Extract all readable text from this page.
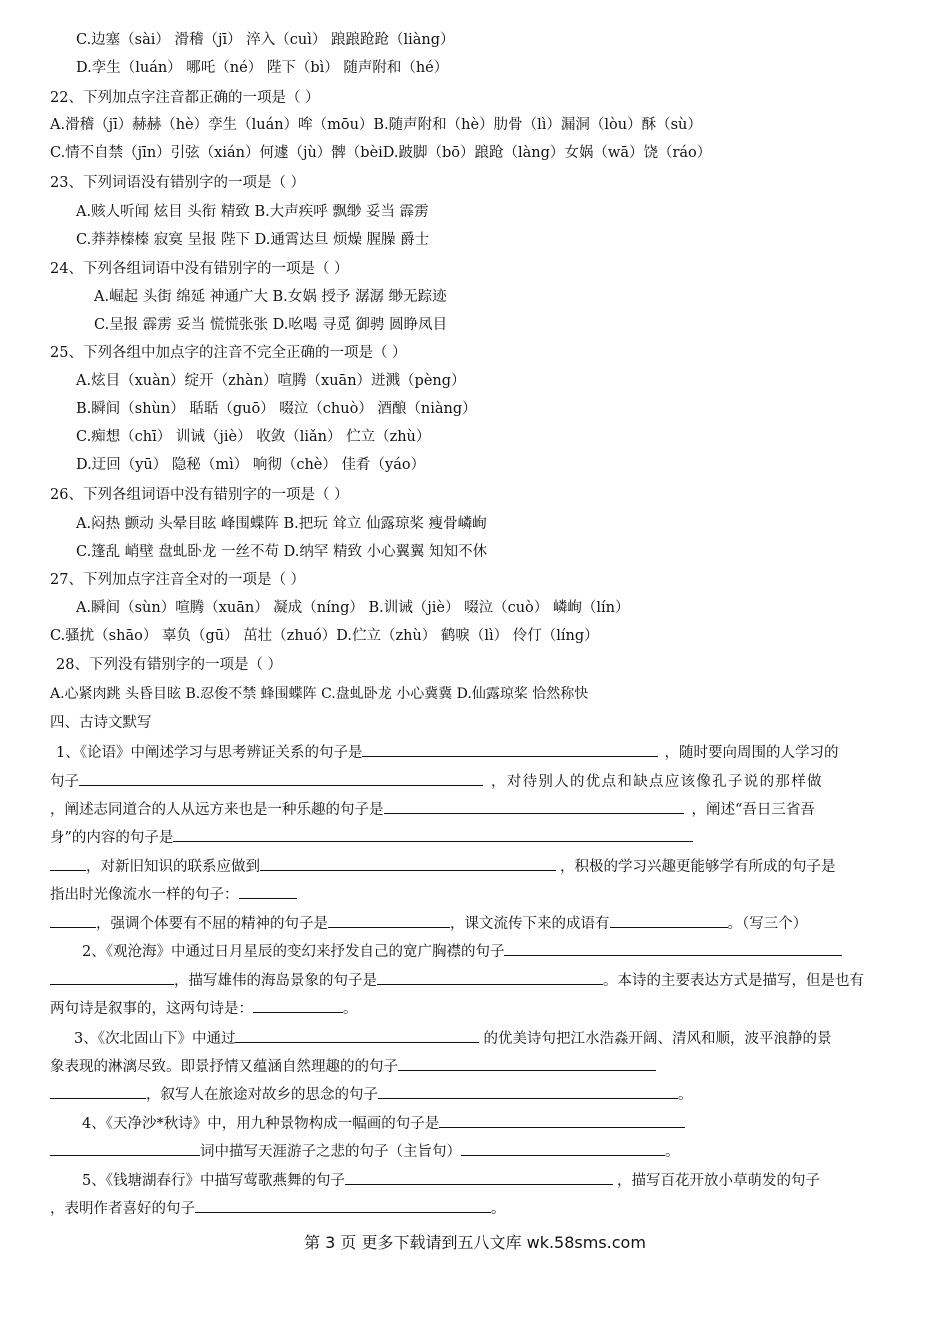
C.边塞（sài） 滑稽（jī） 淬入（cuì） 踉踉跄跄（liàng）
D.孪生（luán） 哪吒（né） 陛下（bì） 随声附和（hé）
22、下列加点字注音都正确的一项是（ ）
A.滑稽（jī）赫赫（hè）孪生（luán）哞（mōu）B.随声附和（hè）肋骨（lì）漏洞（lòu）酥（sù）
C.情不自禁（jīn）引弦（xián）何遽（jù）髀（bèiD.跛脚（bō）踉跄（làng）女娲（wā）饶（ráo）
23、下列词语没有错别字的一项是（ ）
A.赅人听闻 炫目 头衔 精致 B.大声疾呼 飘缈 妥当 霹雳
C.莽莽榛榛 寂寞 呈报 陛下 D.通霄达旦 烦燥 腥臊 爵士
24、下列各组词语中没有错别字的一项是（ ）
A.崛起 头街 绵延 神通广大 B.女娲 授予 潺潺 缈无踪迹
C.呈报 霹雳 妥当 慌慌张张 D.吆喝 寻觅 御骋 圆睁凤目
25、下列各组中加点字的注音不完全正确的一项是（ ）
A.炫目（xuàn）绽开（zhàn）喧腾（xuān）迸溅（pèng）
B.瞬间（shùn） 聒聒（guō） 啜泣（chuò） 酒酿（niàng）
C.痴想（chī） 训诫（jiè） 收敛（liǎn） 伫立（zhù）
D.迂回（yū） 隐秘（mì） 响彻（chè） 佳肴（yáo）
26、下列各组词语中没有错别字的一项是（ ）
A.闷热 颤动 头晕目眩 峰围蝶阵 B.把玩 耸立 仙露琼桨 瘦骨嶙峋
C.篷乱 峭壁 盘虬卧龙 一丝不苟 D.纳罕 精致 小心翼翼 知知不休
27、下列加点字注音全对的一项是（ ）
A.瞬间（sùn）喧腾（xuān） 凝成（níng） B.训诫（jiè） 啜泣（cuò） 嶙峋（lín）
C.骚扰（shāo） 辜负（gū） 茁壮（zhuó）D.伫立（zhù） 鹤唳（lì） 伶仃（líng）
28、下列没有错别字的一项是（ ）
A.心紧肉跳 头昏目眩 B.忍俊不禁 蜂围蝶阵 C.盘虬卧龙 小心冀冀 D.仙露琼桨 恰然称快
四、古诗文默写
1、《论语》中阐述学习与思考辨证关系的句子是	，随时要向周围的人学习的
句子	，对待别人的优点和缺点应该像孔子说的那样做
，阐述志同道合的人从远方来也是一种乐趣的句子是	，阐述“吾日三省吾
身”的内容的句子是
，对新旧知识的联系应做到	，积极的学习兴趣更能够学有所成的句子是
指出时光像流水一样的句子：
，强调个体要有不屈的精神的句子是	，课文流传下来的成语有	。（写三个）
2、《观沧海》中通过日月星辰的变幻来抒发自己的宽广胸襟的句子
，描写雄伟的海岛景象的句子是	。本诗的主要表达方式是描写，但是也有
两句诗是叙事的，这两句诗是：	。
3、《次北固山下》中通过	的优美诗句把江水浩淼开阔、清风和顺，波平浪静的景
象表现的淋漓尽致。即景抒情又蕴涵自然理趣的的句子
，叙写人在旅途对故乡的思念的句子	。
4、《天净沙*秋诗》中，用九种景物构成一幅画的句子是
词中描写天涯游子之悲的句子（主旨句）	。
5、《钱塘湖春行》中描写莺歌燕舞的句子	，描写百花开放小草萌发的句子
，表明作者喜好的句子	。
第 3 页 更多下载请到五八文库 wk.58sms.com
